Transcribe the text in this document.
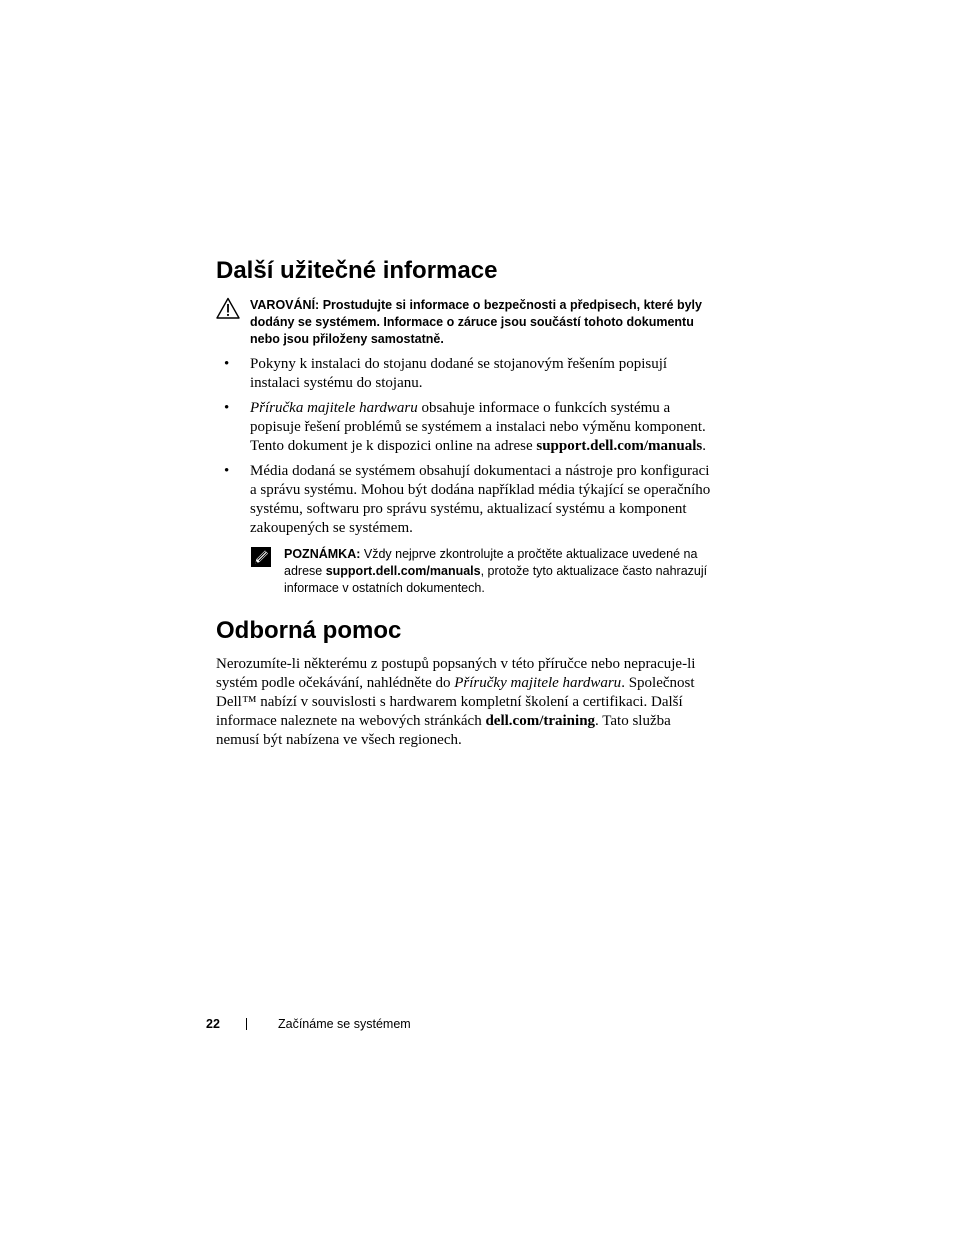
Další užitečné informace
VAROVÁNÍ: Prostudujte si informace o bezpečnosti a předpisech, které byly dodány se systémem. Informace o záruce jsou součástí tohoto dokumentu nebo jsou přiloženy samostatně.
• Pokyny k instalaci do stojanu dodané se stojanovým řešením popisují instalaci systému do stojanu.
• Příručka majitele hardwaru obsahuje informace o funkcích systému a popisuje řešení problémů se systémem a instalaci nebo výměnu komponent. Tento dokument je k dispozici online na adrese support.dell.com/manuals.
• Média dodaná se systémem obsahují dokumentaci a nástroje pro konfiguraci a správu systému. Mohou být dodána například média týkající se operačního systému, softwaru pro správu systému, aktualizací systému a komponent zakoupených se systémem.
POZNÁMKA: Vždy nejprve zkontrolujte a pročtěte aktualizace uvedené na adrese support.dell.com/manuals, protože tyto aktualizace často nahrazují informace v ostatních dokumentech.
Odborná pomoc

Nerozumíte-li některému z postupů popsaných v této příručce nebo nepracuje-li systém podle očekávání, nahlédněte do Příručky majitele hardwaru. Společnost Dell™ nabízí v souvislosti s hardwarem kompletní školení a certifikaci. Další informace naleznete na webových stránkách dell.com/training. Tato služba nemusí být nabízena ve všech regionech.

22	Začínáme se systémem
